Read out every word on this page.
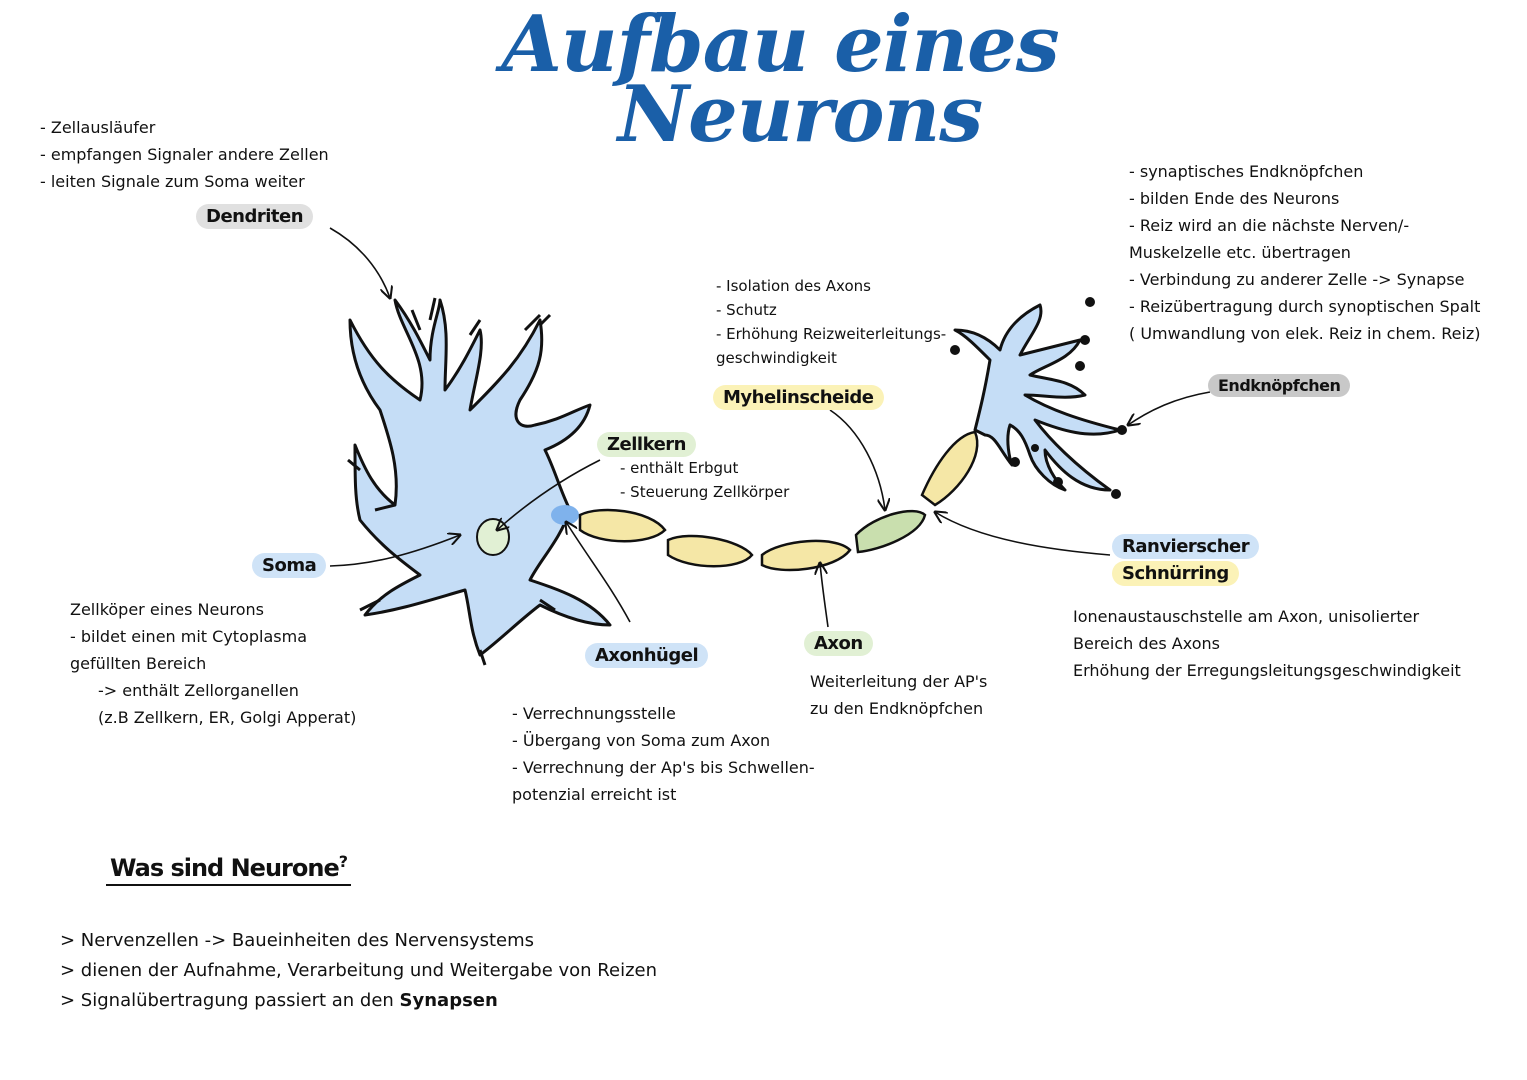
Aufbau eines
Neurons
- Zellausläufer
- empfangen Signaler andere Zellen
- leiten Signale zum Soma weiter
Dendriten
Soma
Zellköper eines Neurons
- bildet einen mit Cytoplasma
gefüllten Bereich
-> enthält Zellorganellen
(z.B Zellkern, ER, Golgi Apperat)
Zellkern
- enthält Erbgut
- Steuerung Zellkörper
Axonhügel
- Verrechnungsstelle
- Übergang von Soma zum Axon
- Verrechnung der Ap's bis Schwellen-
potenzial erreicht ist
- Isolation des Axons
- Schutz
- Erhöhung Reizweiterleitungs-
geschwindigkeit
Myhelinscheide
Axon
Weiterleitung der AP's
zu den Endknöpfchen
Ranvierscher
Schnürring
Ionenaustauschstelle am Axon, unisolierter
Bereich des Axons
Erhöhung der Erregungsleitungsgeschwindigkeit
- synaptisches Endknöpfchen
- bilden Ende des Neurons
- Reiz wird an die nächste Nerven/-
Muskelzelle etc. übertragen
- Verbindung zu anderer Zelle -> Synapse
- Reizübertragung durch synoptischen Spalt
( Umwandlung von elek. Reiz in chem. Reiz)
Endknöpfchen
Was sind Neurone?
> Nervenzellen -> Baueinheiten des Nervensystems
> dienen der Aufnahme, Verarbeitung und Weitergabe von Reizen
> Signalübertragung passiert an den Synapsen
